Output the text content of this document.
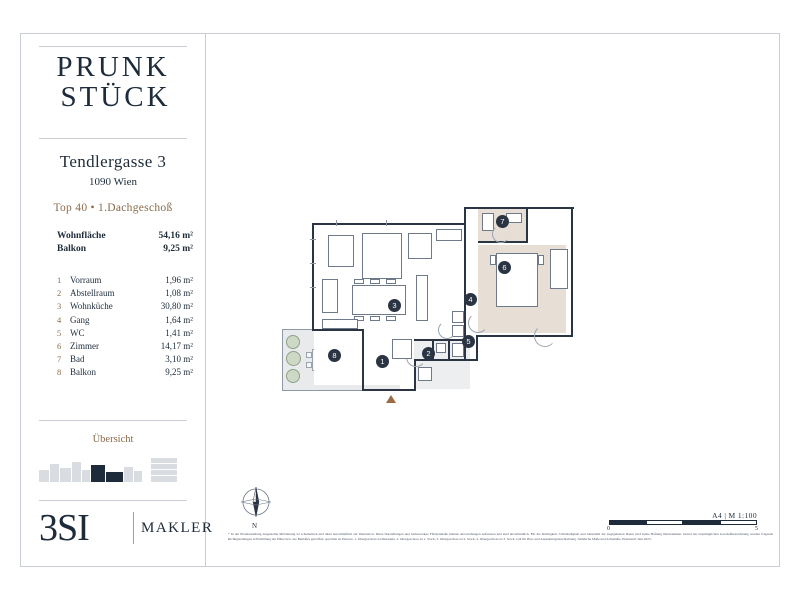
PRUNK
STÜCK
Tendlergasse 3
1090 Wien
Top 40 • 1.Dachgeschoß
Wohnfläche	54,16 m²
Balkon	9,25 m²
1 Vorraum	1,96 m²
2 Abstellraum	1,08 m²
3 Wohnküche	30,80 m²
4 Gang	1,64 m²
5 WC	1,41 m²
6 Zimmer	14,17 m²
7 Bad	3,10 m²
8 Balkon	9,25 m²
Übersicht
3SI	MAKLER
1
2
3
4
5
6
7
8
N
A4 | M 1:100
0	5
* In der Plandarstellung dargestellte Möblierung ist schematisch und dient ausschließlich zur Illustration. Diese Darstellungen und insbesondere Flächenmaße können Abweichungen aufweisen und sind unverbindlich. Für die Richtigkeit, Vollständigkeit und Aktualität der angegebenen Daten wird keine Haftung übernommen. Grund der ursprünglichen Geschoßbezeichnung werden folgende Richtigstellungen in Ermittlung der Pläne bzw. der Bemaßes getroffen: sprechen zu Parterre, 1. Obergeschoss ist Mezzanin, 2. Obergeschoss ist 1. Stock, 3. Obergeschoss ist 2. Stock, 4. Obergeschoss ist 3. Stock. Gilt für Bau- und Ausstattungsbeschreibung. Sämtliche Maße und Achsmaße. Planstand: Juni 2023.
